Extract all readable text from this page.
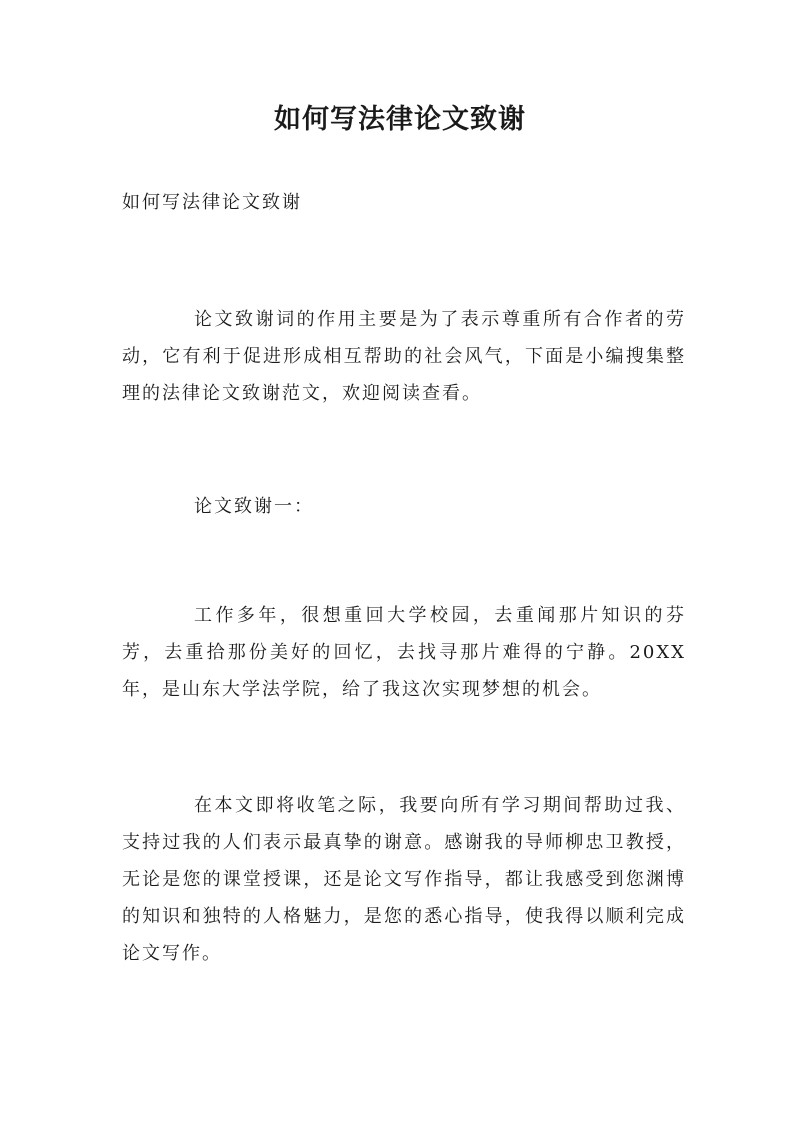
如何写法律论文致谢

如何写法律论文致谢

论文致谢词的作用主要是为了表示尊重所有合作者的劳动，它有利于促进形成相互帮助的社会风气，下面是小编搜集整理的法律论文致谢范文，欢迎阅读查看。

论文致谢一：

工作多年，很想重回大学校园，去重闻那片知识的芬芳，去重拾那份美好的回忆，去找寻那片难得的宁静。20XX年，是山东大学法学院，给了我这次实现梦想的机会。

在本文即将收笔之际，我要向所有学习期间帮助过我、支持过我的人们表示最真挚的谢意。感谢我的导师柳忠卫教授，无论是您的课堂授课，还是论文写作指导，都让我感受到您渊博的知识和独特的人格魅力，是您的悉心指导，使我得以顺利完成论文写作。
